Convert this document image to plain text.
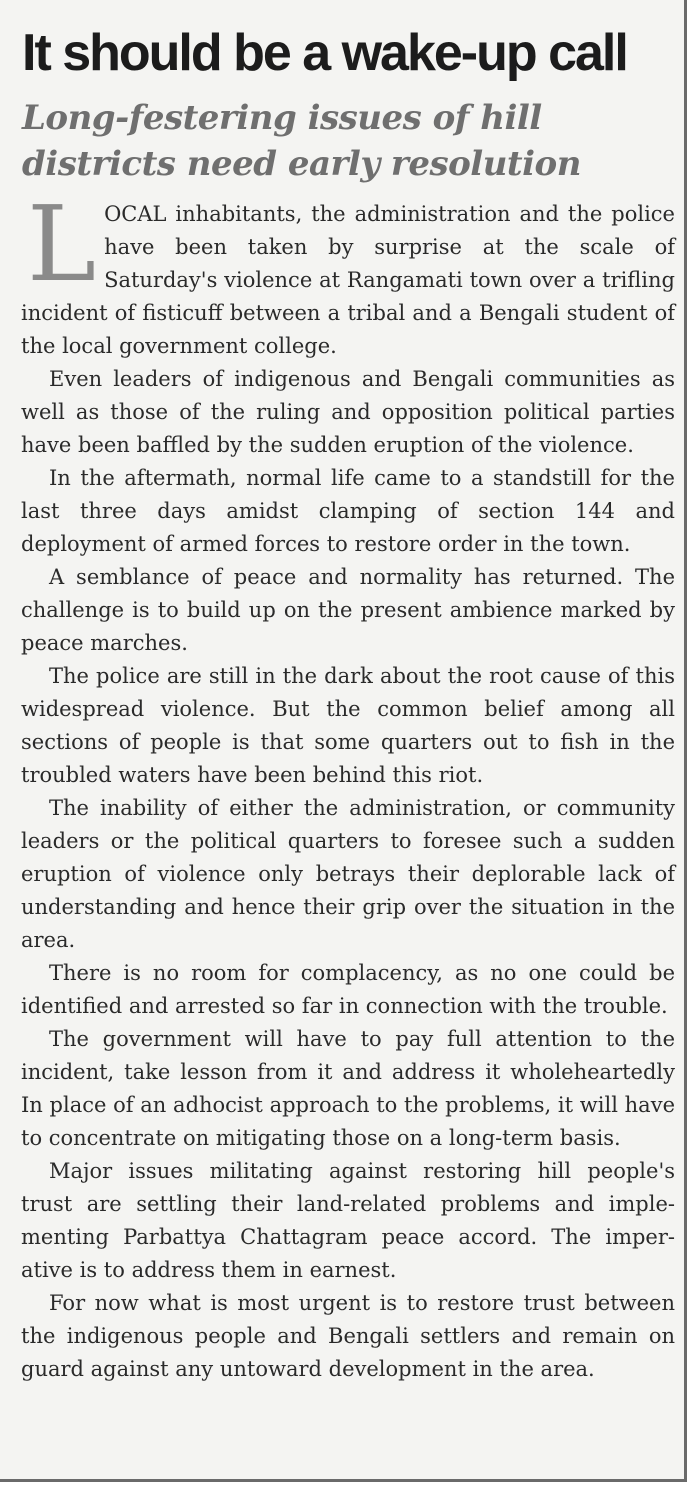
It should be a wake-up call
Long-festering issues of hill districts need early resolution

LOCAL inhabitants, the administration and the police have been taken by surprise at the scale of Saturday's violence at Rangamati town over a trifling incident of fisticuff between a tribal and a Bengali student of the local government college.

Even leaders of indigenous and Bengali communities as well as those of the ruling and opposition political parties have been baffled by the sudden eruption of the violence.

In the aftermath, normal life came to a standstill for the last three days amidst clamping of section 144 and deployment of armed forces to restore order in the town.

A semblance of peace and normality has returned. The challenge is to build up on the present ambience marked by peace marches.

The police are still in the dark about the root cause of this widespread violence. But the common belief among all sections of people is that some quarters out to fish in the troubled waters have been behind this riot.

The inability of either the administration, or community leaders or the political quarters to foresee such a sudden eruption of violence only betrays their deplorable lack of understanding and hence their grip over the situation in the area.

There is no room for complacency, as no one could be identified and arrested so far in connection with the trouble.

The government will have to pay full attention to the incident, take lesson from it and address it wholeheartedly In place of an adhocist approach to the problems, it will have to concentrate on mitigating those on a long-term basis.

Major issues militating against restoring hill people's trust are settling their land-related problems and implementing Parbattya Chattagram peace accord. The imperative is to address them in earnest.

For now what is most urgent is to restore trust between the indigenous people and Bengali settlers and remain on guard against any untoward development in the area.
